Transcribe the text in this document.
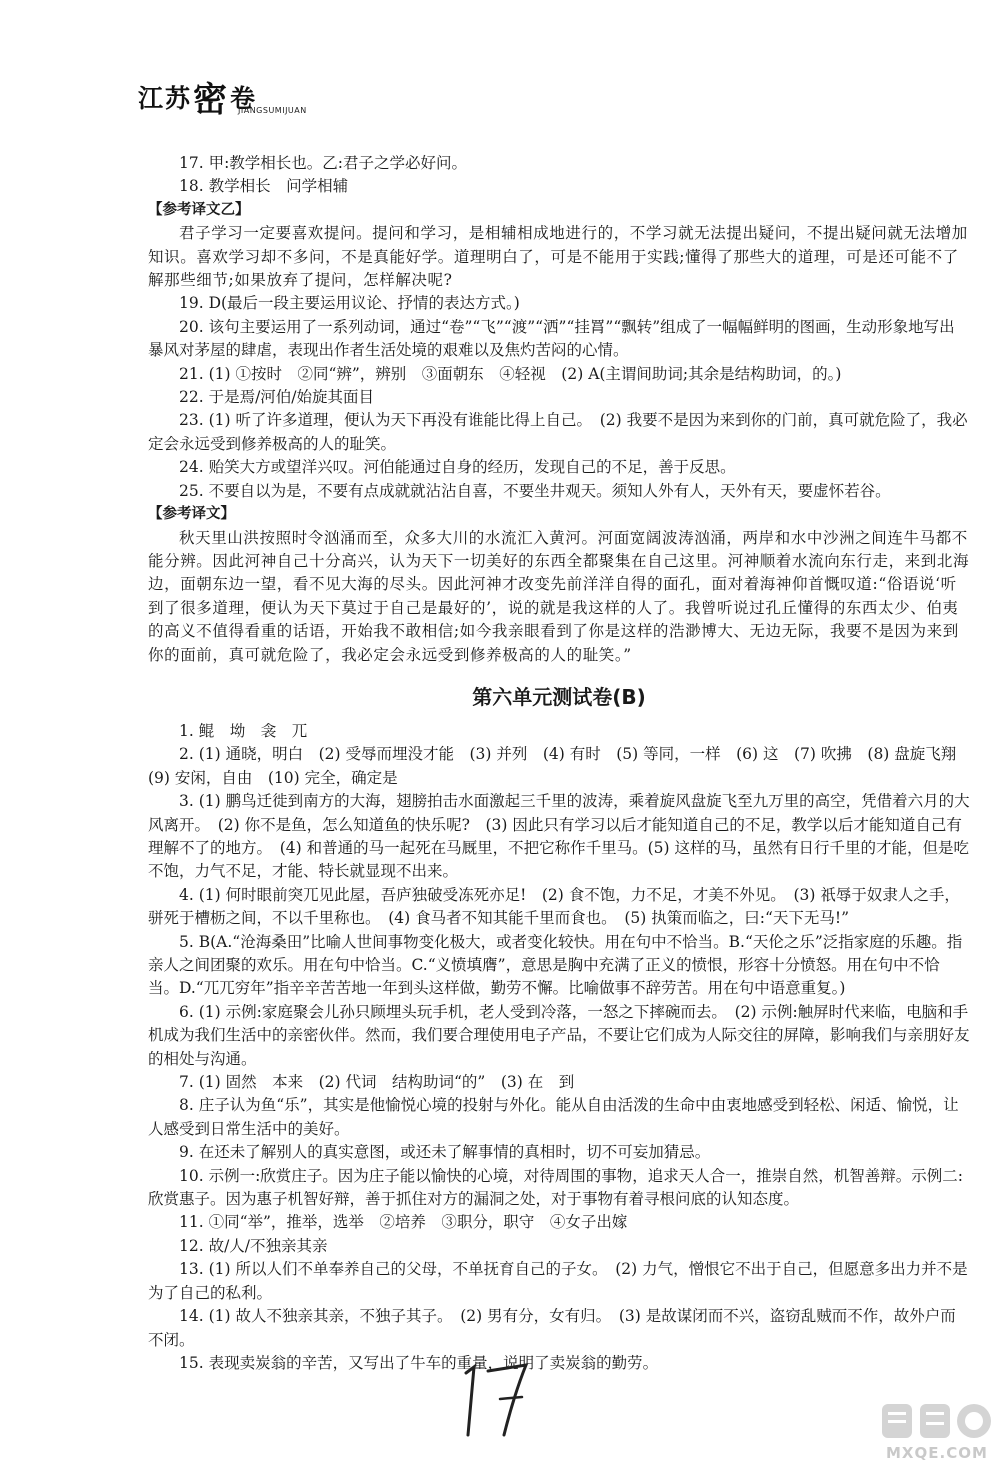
江苏密卷
JIANGSUMIJUAN

17. 甲:教学相长也。乙:君子之学必好问。

18. 教学相长　问学相辅

【参考译文乙】

君子学习一定要喜欢提问。提问和学习，是相辅相成地进行的，不学习就无法提出疑问，不提出疑问就无法增加知识。喜欢学习却不多问，不是真能好学。道理明白了，可是不能用于实践;懂得了那些大的道理，可是还可能不了解那些细节;如果放弃了提问，怎样解决呢?

19. D(最后一段主要运用议论、抒情的表达方式。)

20. 该句主要运用了一系列动词，通过“卷”“飞”“渡”“洒”“挂罥”“飘转”组成了一幅幅鲜明的图画，生动形象地写出暴风对茅屋的肆虐，表现出作者生活处境的艰难以及焦灼苦闷的心情。

21. (1) ①按时　②同“辨”，辨别　③面朝东　④轻视　(2) A(主谓间助词;其余是结构助词，的。)

22. 于是焉/河伯/始旋其面目

23. (1) 听了许多道理，便认为天下再没有谁能比得上自己。　(2) 我要不是因为来到你的门前，真可就危险了，我必定会永远受到修养极高的人的耻笑。

24. 贻笑大方或望洋兴叹。河伯能通过自身的经历，发现自己的不足，善于反思。

25. 不要自以为是，不要有点成就就沾沾自喜，不要坐井观天。须知人外有人，天外有天，要虚怀若谷。

【参考译文】

秋天里山洪按照时令汹涌而至，众多大川的水流汇入黄河。河面宽阔波涛汹涌，两岸和水中沙洲之间连牛马都不能分辨。因此河神自己十分高兴，认为天下一切美好的东西全都聚集在自己这里。河神顺着水流向东行走，来到北海边，面朝东边一望，看不见大海的尽头。因此河神才改变先前洋洋自得的面孔，面对着海神仰首慨叹道:“俗语说‘听到了很多道理，便认为天下莫过于自己是最好的’，说的就是我这样的人了。我曾听说过孔丘懂得的东西太少、伯夷的高义不值得看重的话语，开始我不敢相信;如今我亲眼看到了你是这样的浩渺博大、无边无际，我要不是因为来到你的面前，真可就危险了，我必定会永远受到修养极高的人的耻笑。”

第六单元测试卷(B)

1. 鲲　坳　衾　兀

2. (1) 通晓，明白　(2) 受辱而埋没才能　(3) 并列　(4) 有时　(5) 等同，一样　(6) 这　(7) 吹拂　(8) 盘旋飞翔　(9) 安闲，自由　(10) 完全，确定是

3. (1) 鹏鸟迁徙到南方的大海，翅膀拍击水面激起三千里的波涛，乘着旋风盘旋飞至九万里的高空，凭借着六月的大风离开。　(2) 你不是鱼，怎么知道鱼的快乐呢?　(3) 因此只有学习以后才能知道自己的不足，教学以后才能知道自己有理解不了的地方。　(4) 和普通的马一起死在马厩里，不把它称作千里马。(5) 这样的马，虽然有日行千里的才能，但是吃不饱，力气不足，才能、特长就显现不出来。

4. (1) 何时眼前突兀见此屋，吾庐独破受冻死亦足!　(2) 食不饱，力不足，才美不外见。　(3) 祇辱于奴隶人之手，骈死于槽枥之间，不以千里称也。　(4) 食马者不知其能千里而食也。　(5) 执策而临之，曰:“天下无马!”

5. B(A.“沧海桑田”比喻人世间事物变化极大，或者变化较快。用在句中不恰当。B.“天伦之乐”泛指家庭的乐趣。指亲人之间团聚的欢乐。用在句中恰当。C.“义愤填膺”，意思是胸中充满了正义的愤恨，形容十分愤怒。用在句中不恰当。D.“兀兀穷年”指辛辛苦苦地一年到头这样做，勤劳不懈。比喻做事不辞劳苦。用在句中语意重复。)

6. (1) 示例:家庭聚会儿孙只顾埋头玩手机，老人受到冷落，一怒之下摔碗而去。　(2) 示例:触屏时代来临，电脑和手机成为我们生活中的亲密伙伴。然而，我们要合理使用电子产品，不要让它们成为人际交往的屏障，影响我们与亲朋好友的相处与沟通。

7. (1) 固然　本来　(2) 代词　结构助词“的”　(3) 在　到

8. 庄子认为鱼“乐”，其实是他愉悦心境的投射与外化。能从自由活泼的生命中由衷地感受到轻松、闲适、愉悦，让人感受到日常生活中的美好。

9. 在还未了解别人的真实意图，或还未了解事情的真相时，切不可妄加猜忌。

10. 示例一:欣赏庄子。因为庄子能以愉快的心境，对待周围的事物，追求天人合一，推崇自然，机智善辩。示例二:欣赏惠子。因为惠子机智好辩，善于抓住对方的漏洞之处，对于事物有着寻根问底的认知态度。

11. ①同“举”，推举，选举　②培养　③职分，职守　④女子出嫁

12. 故/人/不独亲其亲

13. (1) 所以人们不单奉养自己的父母，不单抚育自己的子女。　(2) 力气，憎恨它不出于自己，但愿意多出力并不是为了自己的私利。

14. (1) 故人不独亲其亲，不独子其子。　(2) 男有分，女有归。　(3) 是故谋闭而不兴，盗窃乱贼而不作，故外户而不闭。

15. 表现卖炭翁的辛苦，又写出了牛车的重量，说明了卖炭翁的勤劳。

MXQE.COM
